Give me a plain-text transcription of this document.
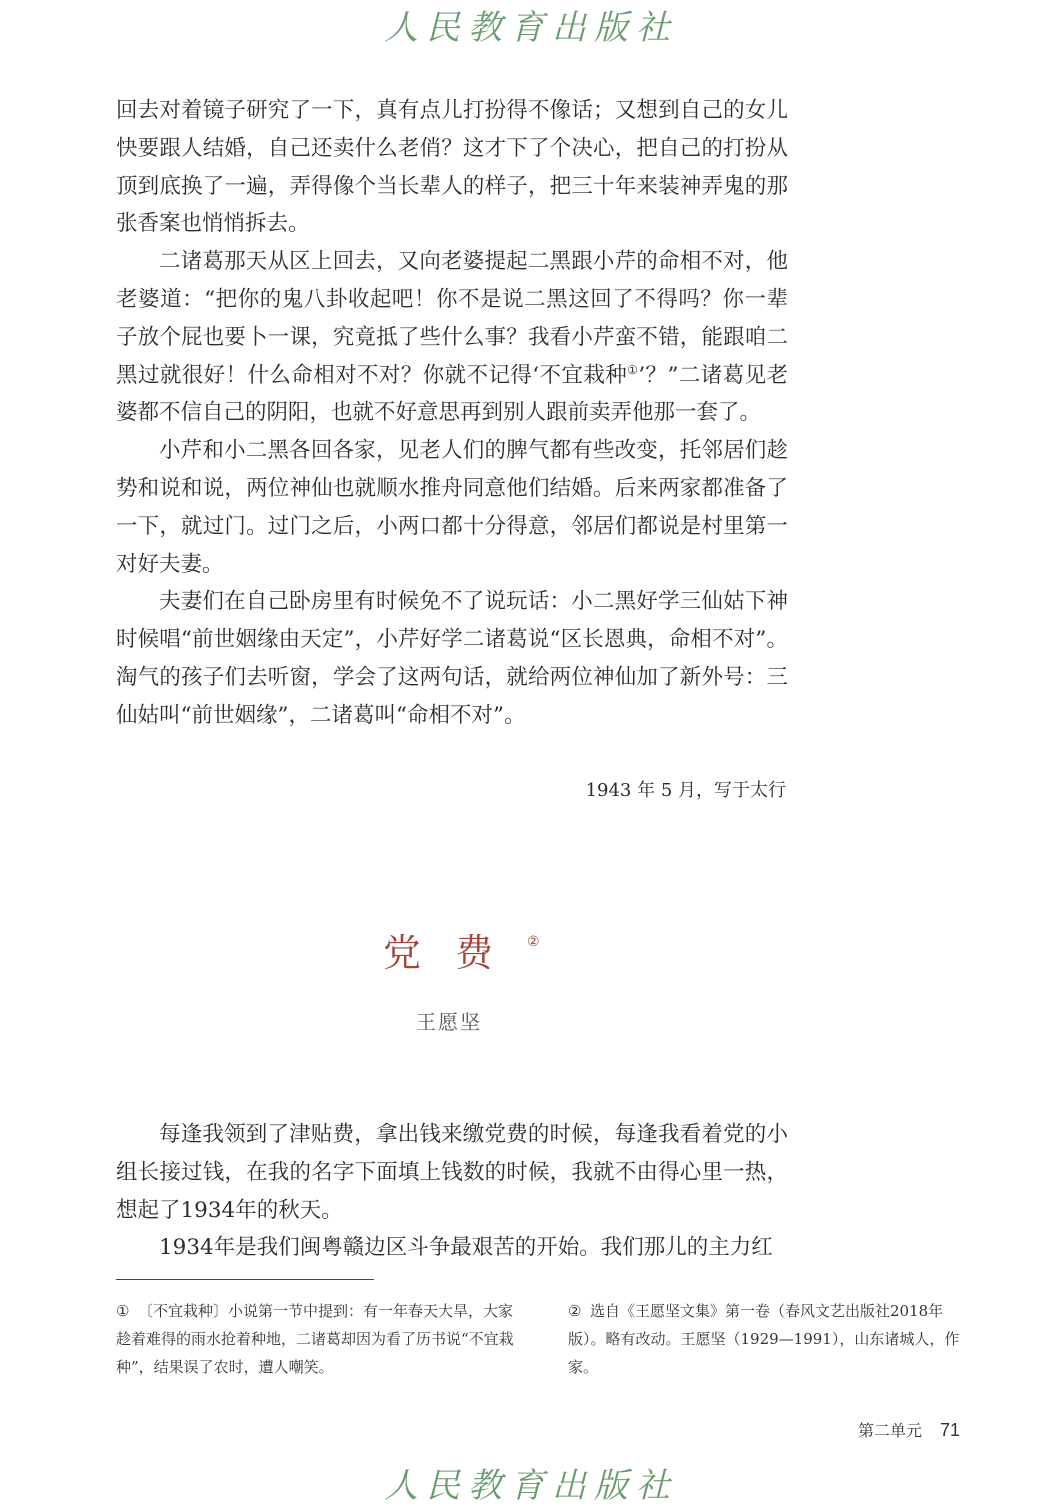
人民教育出版社

回去对着镜子研究了一下，真有点儿打扮得不像话；又想到自己的女儿快要跟人结婚，自己还卖什么老俏？这才下了个决心，把自己的打扮从顶到底换了一遍，弄得像个当长辈人的样子，把三十年来装神弄鬼的那张香案也悄悄拆去。

二诸葛那天从区上回去，又向老婆提起二黑跟小芹的命相不对，他老婆道：“把你的鬼八卦收起吧！你不是说二黑这回了不得吗？你一辈子放个屁也要卜一课，究竟抵了些什么事？我看小芹蛮不错，能跟咱二黑过就很好！什么命相对不对？你就不记得‘不宜栽种①’？”二诸葛见老婆都不信自己的阴阳，也就不好意思再到别人跟前卖弄他那一套了。

小芹和小二黑各回各家，见老人们的脾气都有些改变，托邻居们趁势和说和说，两位神仙也就顺水推舟同意他们结婚。后来两家都准备了一下，就过门。过门之后，小两口都十分得意，邻居们都说是村里第一对好夫妻。

夫妻们在自己卧房里有时候免不了说玩话：小二黑好学三仙姑下神时候唱“前世姻缘由天定”，小芹好学二诸葛说“区长恩典，命相不对”。淘气的孩子们去听窗，学会了这两句话，就给两位神仙加了新外号：三仙姑叫“前世姻缘”，二诸葛叫“命相不对”。

1943 年 5 月，写于太行
党费②
王愿坚

每逢我领到了津贴费，拿出钱来缴党费的时候，每逢我看着党的小组长接过钱，在我的名字下面填上钱数的时候，我就不由得心里一热，想起了1934年的秋天。

1934年是我们闽粤赣边区斗争最艰苦的开始。我们那儿的主力红

① 〔不宜栽种〕小说第一节中提到：有一年春天大旱，大家趁着难得的雨水抢着种地，二诸葛却因为看了历书说“不宜栽种”，结果误了农时，遭人嘲笑。
② 选自《王愿坚文集》第一卷（春风文艺出版社2018年版）。略有改动。王愿坚（1929—1991），山东诸城人，作家。
第二单元 71
人民教育出版社
